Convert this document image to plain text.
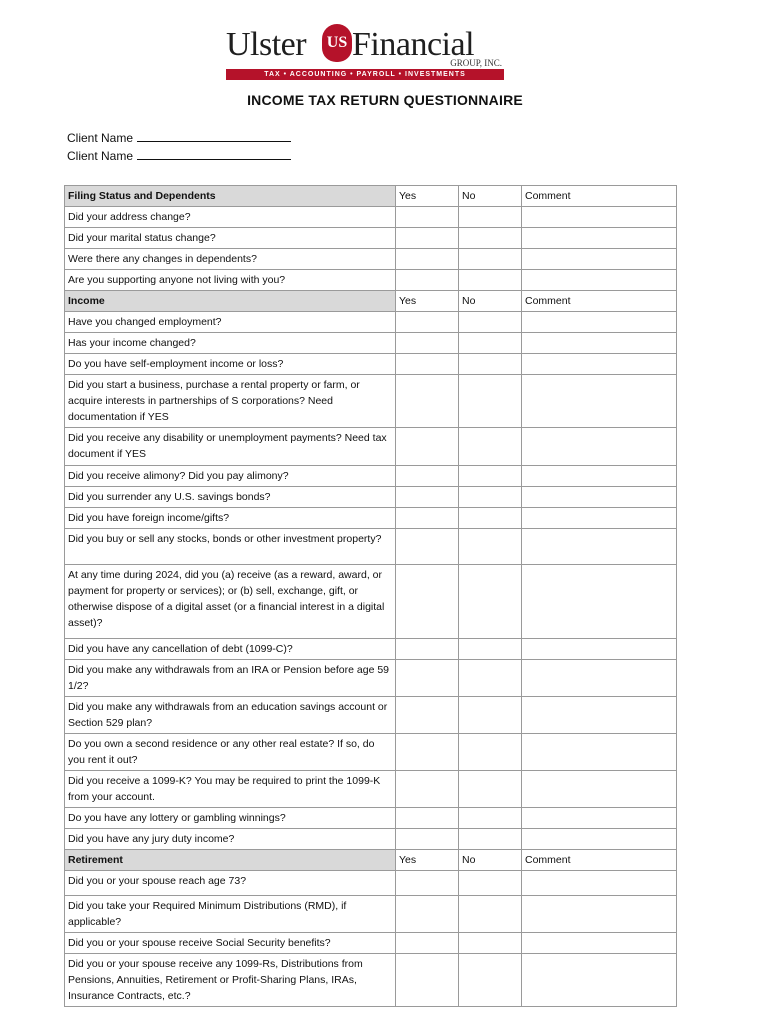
Ulster US Financial
GROUP, INC.
TAX • ACCOUNTING • PAYROLL • INVESTMENTS
INCOME TAX RETURN QUESTIONNAIRE
Client Name
Client Name
Filing Status and Dependents	Yes	No	Comment
Did your address change?			
Did your marital status change?			
Were there any changes in dependents?			
Are you supporting anyone not living with you?			
Income	Yes	No	Comment
Have you changed employment?			
Has your income changed?			
Do you have self-employment income or loss?			
Did you start a business, purchase a rental property or farm, or acquire interests in partnerships of S corporations? Need documentation if YES			
Did you receive any disability or unemployment payments? Need tax document if YES			
Did you receive alimony? Did you pay alimony?			
Did you surrender any U.S. savings bonds?			
Did you have foreign income/gifts?			
Did you buy or sell any stocks, bonds or other investment property?			
At any time during 2024, did you (a) receive (as a reward, award, or payment for property or services); or (b) sell, exchange, gift, or otherwise dispose of a digital asset (or a financial interest in a digital asset)?			
Did you have any cancellation of debt (1099-C)?			
Did you make any withdrawals from an IRA or Pension before age 59 1/2?			
Did you make any withdrawals from an education savings account or Section 529 plan?			
Do you own a second residence or any other real estate? If so, do you rent it out?			
Did you receive a 1099-K? You may be required to print the 1099-K from your account.			
Do you have any lottery or gambling winnings?			
Did you have any jury duty income?			
Retirement	Yes	No	Comment
Did you or your spouse reach age 73?			
Did you take your Required Minimum Distributions (RMD), if applicable?			
Did you or your spouse receive Social Security benefits?			
Did you or your spouse receive any 1099-Rs, Distributions from Pensions, Annuities, Retirement or Profit-Sharing Plans, IRAs, Insurance Contracts, etc.?			
